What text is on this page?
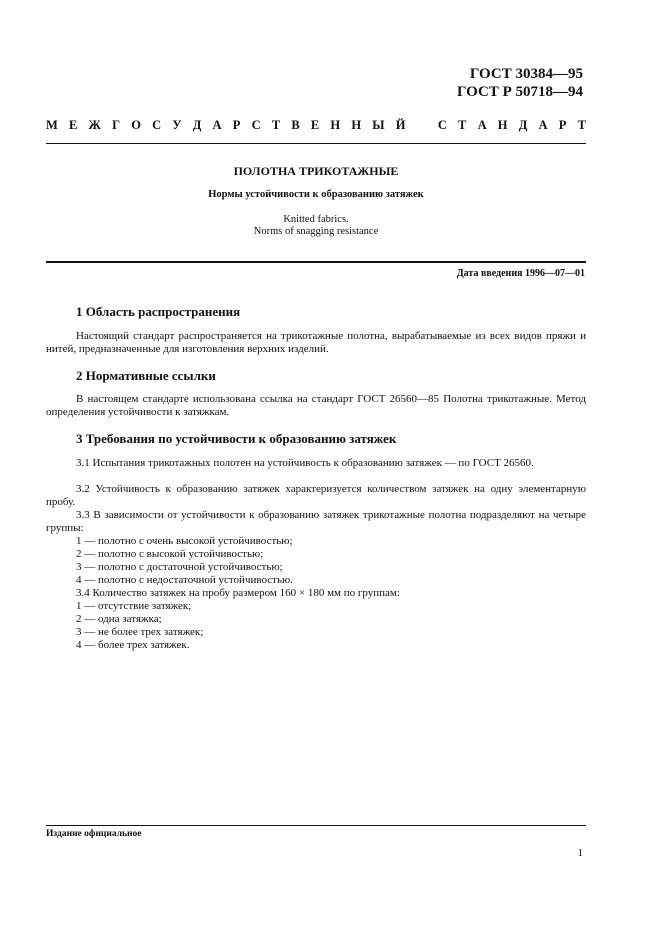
ГОСТ 30384—95
ГОСТ Р 50718—94
М Е Ж Г О С У Д А Р С Т В Е Н Н Ы Й	С Т А Н Д А Р Т
ПОЛОТНА ТРИКОТАЖНЫЕ
Нормы устойчивости к образованию затяжек
Knitted fabrics.
Norms of snagging resistance
Дата введения 1996—07—01
1 Область распространения
Настоящий стандарт распространяется на трикотажные полотна, вырабатываемые из всех видов пряжи и нитей, предназначенные для изготовления верхних изделий.
2 Нормативные ссылки
В настоящем стандарте использована ссылка на стандарт ГОСТ 26560—85 Полотна трикотажные. Метод определения устойчивости к затяжкам.
3 Требования по устойчивости к образованию затяжек
3.1 Испытания трикотажных полотен на устойчивость к образованию затяжек — по ГОСТ 26560.
3.2 Устойчивость к образованию затяжек характеризуется количеством затяжек на одну элементарную пробу.
3.3 В зависимости от устойчивости к образованию затяжек трикотажные полотна подразделяют на четыре группы:
1 — полотно с очень высокой устойчивостью;
2 — полотно с высокой устойчивостью;
3 — полотно с достаточной устойчивостью;
4 — полотно с недостаточной устойчивостью.
3.4 Количество затяжек на пробу размером 160 × 180 мм по группам:
1 — отсутствие затяжек;
2 — одна затяжка;
3 — не более трех затяжек;
4 — более трех затяжек.
Издание официальное
1
